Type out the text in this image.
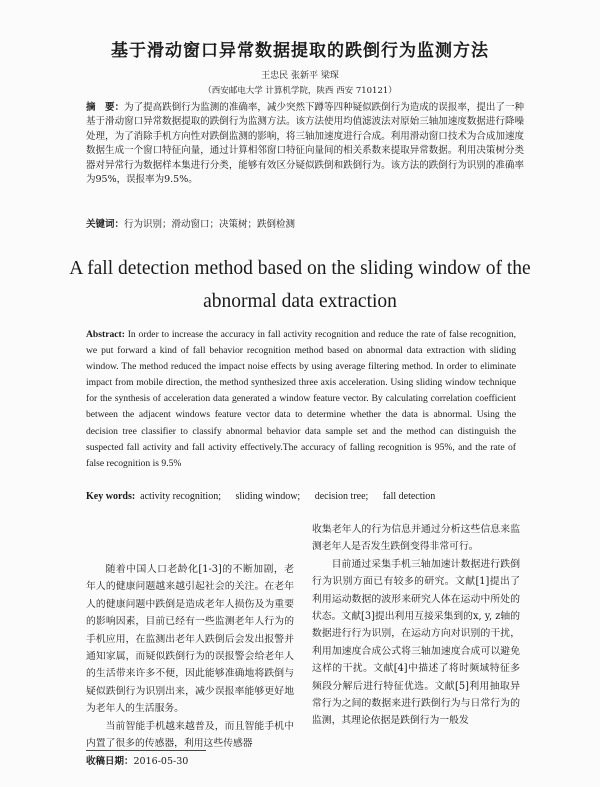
基于滑动窗口异常数据提取的跌倒行为监测方法
王忠民 张新平 梁琛
（西安邮电大学 计算机学院，陕西 西安 710121）
摘　要：为了提高跌倒行为监测的准确率，减少突然下蹲等四种疑似跌倒行为造成的误报率，提出了一种基于滑动窗口异常数据提取的跌倒行为监测方法。该方法使用均值滤波法对原始三轴加速度数据进行降噪处理，为了消除手机方向性对跌倒监测的影响，将三轴加速度进行合成。利用滑动窗口技术为合成加速度数据生成一个窗口特征向量，通过计算相邻窗口特征向量间的相关系数来提取异常数据。利用决策树分类器对异常行为数据样本集进行分类，能够有效区分疑似跌倒和跌倒行为。该方法的跌倒行为识别的准确率为95%，误报率为9.5%。
关键词：行为识别；滑动窗口；决策树；跌倒检测
A fall detection method based on the sliding window of the abnormal data extraction
Abstract: In order to increase the accuracy in fall activity recognition and reduce the rate of false recognition, we put forward a kind of fall behavior recognition method based on abnormal data extraction with sliding window. The method reduced the impact noise effects by using average filtering method. In order to eliminate impact from mobile direction, the method synthesized three axis acceleration. Using sliding window technique for the synthesis of acceleration data generated a window feature vector. By calculating correlation coefficient between the adjacent windows feature vector data to determine whether the data is abnormal. Using the decision tree classifier to classify abnormal behavior data sample set and the method can distinguish the suspected fall activity and fall activity effectively.The accuracy of falling recognition is 95%, and the rate of false recognition is 9.5%
Key words: activity recognition; sliding window; decision tree; fall detection

随着中国人口老龄化[1-3]的不断加剧，老年人的健康问题越来越引起社会的关注。在老年人的健康问题中跌倒是造成老年人损伤及为重要的影响因素，目前已经有一些监测老年人行为的手机应用，在监测出老年人跌倒后会发出报警并通知家属，而疑似跌倒行为的误报警会给老年人的生活带来许多不便，因此能够准确地将跌倒与疑似跌倒行为识别出来，减少误报率能够更好地为老年人的生活服务。

当前智能手机越来越普及，而且智能手机中内置了很多的传感器，利用这些传感器

收集老年人的行为信息并通过分析这些信息来监测老年人是否发生跌倒变得非常可行。

目前通过采集手机三轴加速计数据进行跌倒行为识别方面已有较多的研究。文献[1]提出了利用运动数据的波形来研究人体在运动中所处的状态。文献[3]提出利用互接采集到的x, y, z轴的数据进行行为识别，在运动方向对识别的干扰，利用加速度合成公式将三轴加速度合成可以避免这样的干扰。文献[4]中描述了将时频域特征多频段分解后进行特征优选。文献[5]利用抽取异常行为之间的数据来进行跌倒行为与日常行为的监测，其理论依据是跌倒行为一般发

收稿日期：2016-05-30
